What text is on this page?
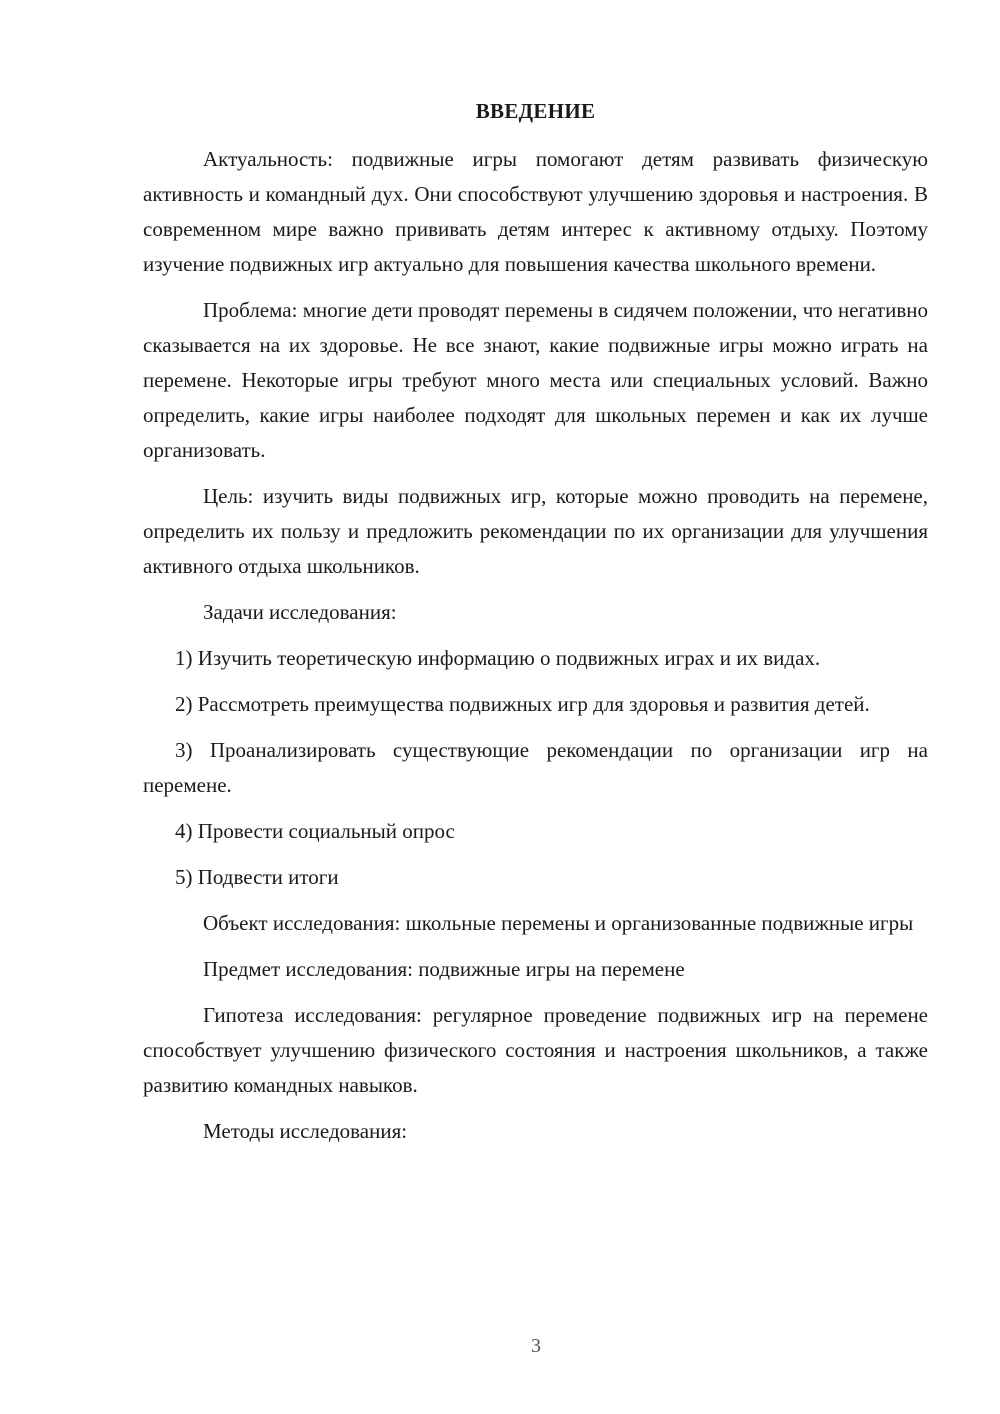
ВВЕДЕНИЕ

Актуальность: подвижные игры помогают детям развивать физическую активность и командный дух. Они способствуют улучшению здоровья и настроения. В современном мире важно прививать детям интерес к активному отдыху. Поэтому изучение подвижных игр актуально для повышения качества школьного времени.

Проблема: многие дети проводят перемены в сидячем положении, что негативно сказывается на их здоровье. Не все знают, какие подвижные игры можно играть на перемене. Некоторые игры требуют много места или специальных условий. Важно определить, какие игры наиболее подходят для школьных перемен и как их лучше организовать.

Цель: изучить виды подвижных игр, которые можно проводить на перемене, определить их пользу и предложить рекомендации по их организации для улучшения активного отдыха школьников.

Задачи исследования:

1) Изучить теоретическую информацию о подвижных играх и их видах.

2) Рассмотреть преимущества подвижных игр для здоровья и развития детей.

3) Проанализировать существующие рекомендации по организации игр на перемене.

4) Провести социальный опрос

5) Подвести итоги

Объект исследования: школьные перемены и организованные подвижные игры

Предмет исследования: подвижные игры на перемене

Гипотеза исследования: регулярное проведение подвижных игр на перемене способствует улучшению физического состояния и настроения школьников, а также развитию командных навыков.

Методы исследования:

3
